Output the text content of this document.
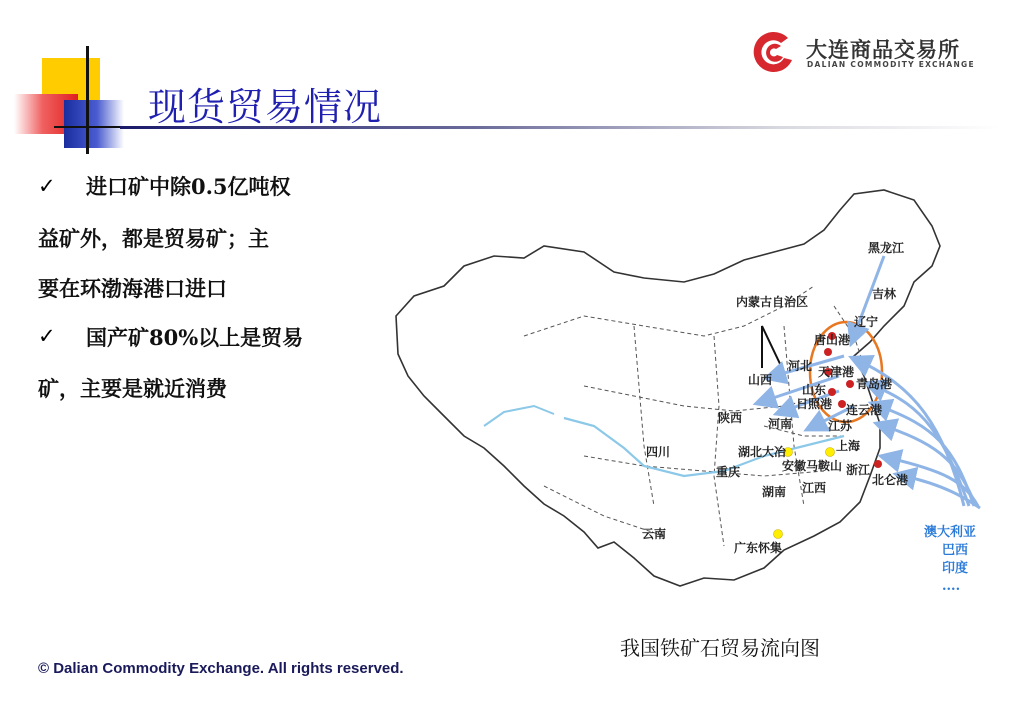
现货贸易情况
大连商品交易所
DALIAN COMMODITY EXCHANGE
✓ 进口矿中除0.5亿吨权
益矿外，都是贸易矿；主
要在环渤海港口进口
✓ 国产矿80%以上是贸易
矿，主要是就近消费
黑龙江
吉林
内蒙古自治区
辽宁
唐山港
河北 天津港
山西
山东 青岛港
日照港 连云港
陕西 河南	江苏
上海
四川	湖北大冶
安徽马鞍山 浙江
重庆
湖南 江西
北仑港
云南
广东怀集
澳大利亚
巴西
印度
....
我国铁矿石贸易流向图
© Dalian Commodity Exchange. All rights reserved.
